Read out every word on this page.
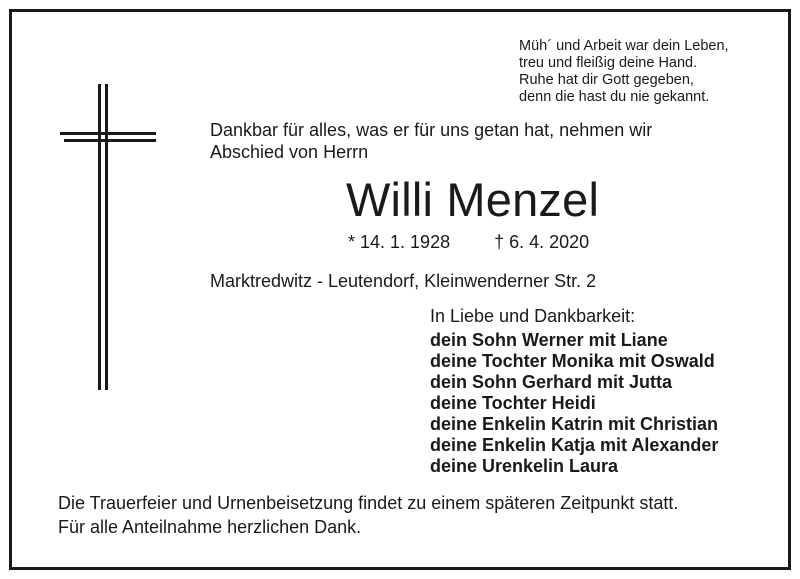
Müh´ und Arbeit war dein Leben,
treu und fleißig deine Hand.
Ruhe hat dir Gott gegeben,
denn die hast du nie gekannt.
Dankbar für alles, was er für uns getan hat, nehmen wir
Abschied von Herrn
Willi Menzel
* 14. 1. 1928 † 6. 4. 2020
Marktredwitz - Leutendorf, Kleinwenderner Str. 2
In Liebe und Dankbarkeit:
dein Sohn Werner mit Liane
deine Tochter Monika mit Oswald
dein Sohn Gerhard mit Jutta
deine Tochter Heidi
deine Enkelin Katrin mit Christian
deine Enkelin Katja mit Alexander
deine Urenkelin Laura
Die Trauerfeier und Urnenbeisetzung findet zu einem späteren Zeitpunkt statt.
Für alle Anteilnahme herzlichen Dank.
